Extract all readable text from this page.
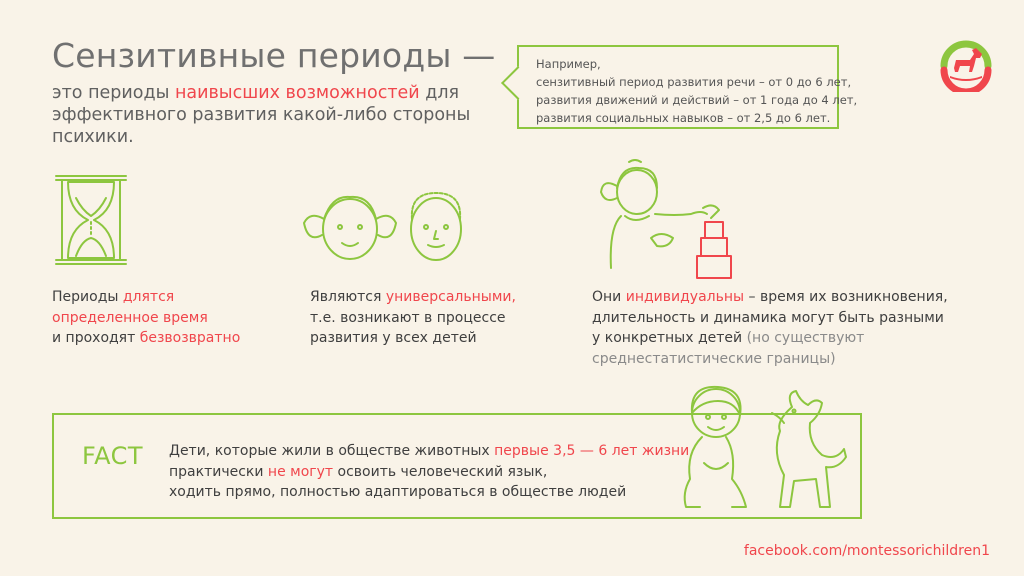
Сензитивные периоды —
это периоды наивысших возможностей для эффективного развития какой-либо стороны психики.
Например,
сензитивный период развития речи – от 0 до 6 лет,
развития движений и действий – от 1 года до 4 лет,
развития социальных навыков – от 2,5 до 6 лет.
Периоды длятся
определенное время
и проходят безвозвратно
Являются универсальными,
т.е. возникают в процессе
развития у всех детей
Они индивидуальны – время их возникновения,
длительность и динамика могут быть разными
у конкретных детей (но существуют
среднестатистические границы)
FACT Дети, которые жили в обществе животных первые 3,5 — 6 лет жизни,
практически не могут освоить человеческий язык,
ходить прямо, полностью адаптироваться в обществе людей
facebook.com/montessorichildren1
